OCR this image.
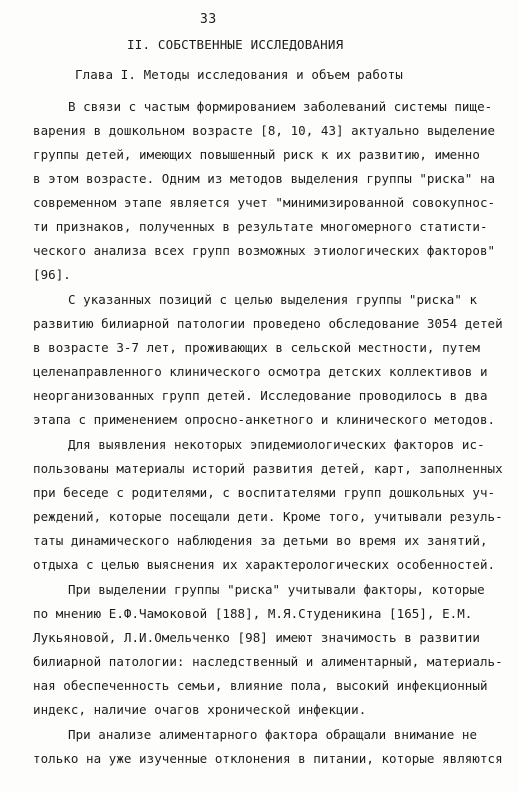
33
II. СОБСТВЕННЫЕ ИССЛЕДОВАНИЯ
Глава I. Методы исследования и объем работы
В связи с частым формированием заболеваний системы пище-
варения в дошкольном возрасте [8, 10, 43] актуально выделение
группы детей, имеющих повышенный риск к их развитию, именно
в этом возрасте. Одним из методов выделения группы "риска" на
современном этапе является учет "минимизированной совокупнос-
ти признаков, полученных в результате многомерного статисти-
ческого анализа всех групп возможных этиологических факторов"
[96].
С указанных позиций с целью выделения группы "риска" к
развитию билиарной патологии проведено обследование 3054 детей
в возрасте 3-7 лет, проживающих в сельской местности, путем
целенаправленного клинического осмотра детских коллективов и
неорганизованных групп детей. Исследование проводилось в два
этапа с применением опросно-анкетного и клинического методов.
Для выявления некоторых эпидемиологических факторов ис-
пользованы материалы историй развития детей, карт, заполненных
при беседе с родителями, с воспитателями групп дошкольных уч-
реждений, которые посещали дети. Кроме того, учитывали резуль-
таты динамического наблюдения за детьми во время их занятий,
отдыха с целью выяснения их характерологических особенностей.
При выделении группы "риска" учитывали факторы, которые
по мнению Е.Ф.Чамоковой [188], М.Я.Студеникина [165], Е.М.
Лукьяновой, Л.И.Омельченко [98] имеют значимость в развитии
билиарной патологии: наследственный и алиментарный, материаль-
ная обеспеченность семьи, влияние пола, высокий инфекционный
индекс, наличие очагов хронической инфекции.
При анализе алиментарного фактора обращали внимание не
только на уже изученные отклонения в питании, которые являются
